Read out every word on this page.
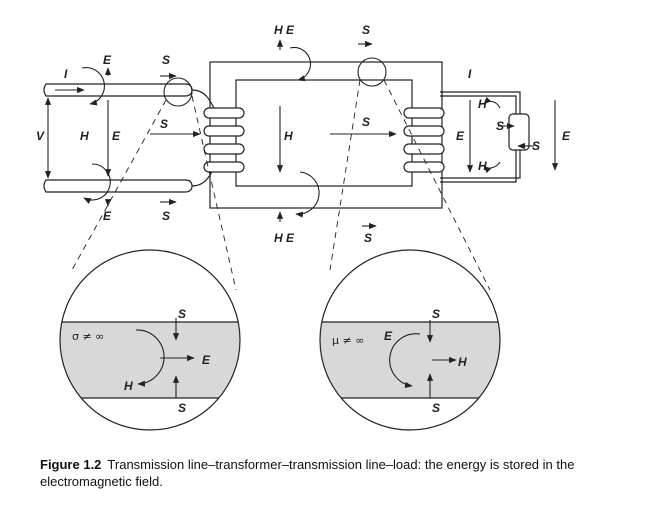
I
V
E
H E
E
S
S
S
H E	S
H
S
H E	S
I
H
S
E
S
E
H
σ ≠ ∞
S
E
H
S
μ ≠ ∞ E
S
H
S
Figure 1.2 Transmission line–transformer–transmission line–load: the energy is stored in the electromagnetic field.
